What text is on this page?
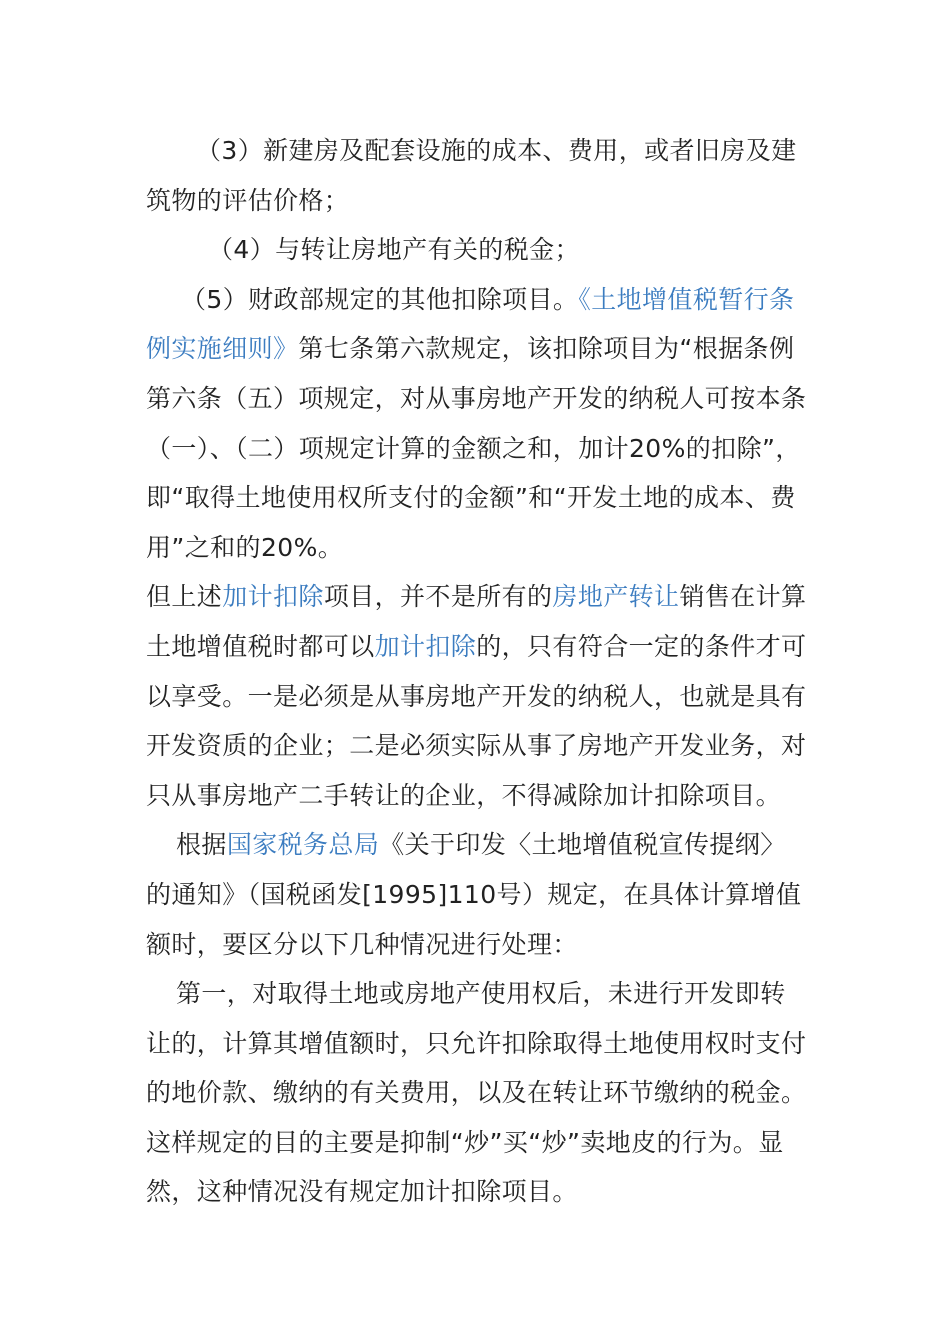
（3）新建房及配套设施的成本、费用，或者旧房及建筑物的评估价格；

（4）与转让房地产有关的税金；

（5）财政部规定的其他扣除项目。《土地增值税暂行条例实施细则》第七条第六款规定，该扣除项目为“根据条例第六条（五）项规定，对从事房地产开发的纳税人可按本条（一）、（二）项规定计算的金额之和，加计20%的扣除”，即“取得土地使用权所支付的金额”和“开发土地的成本、费用”之和的20%。

但上述加计扣除项目，并不是所有的房地产转让销售在计算土地增值税时都可以加计扣除的，只有符合一定的条件才可以享受。一是必须是从事房地产开发的纳税人，也就是具有开发资质的企业；二是必须实际从事了房地产开发业务，对只从事房地产二手转让的企业，不得减除加计扣除项目。

根据国家税务总局《关于印发〈土地增值税宣传提纲〉的通知》（国税函发[1995]110号）规定，在具体计算增值额时，要区分以下几种情况进行处理：

第一，对取得土地或房地产使用权后，未进行开发即转让的，计算其增值额时，只允许扣除取得土地使用权时支付的地价款、缴纳的有关费用，以及在转让环节缴纳的税金。这样规定的目的主要是抑制“炒”买“炒”卖地皮的行为。显然，这种情况没有规定加计扣除项目。
